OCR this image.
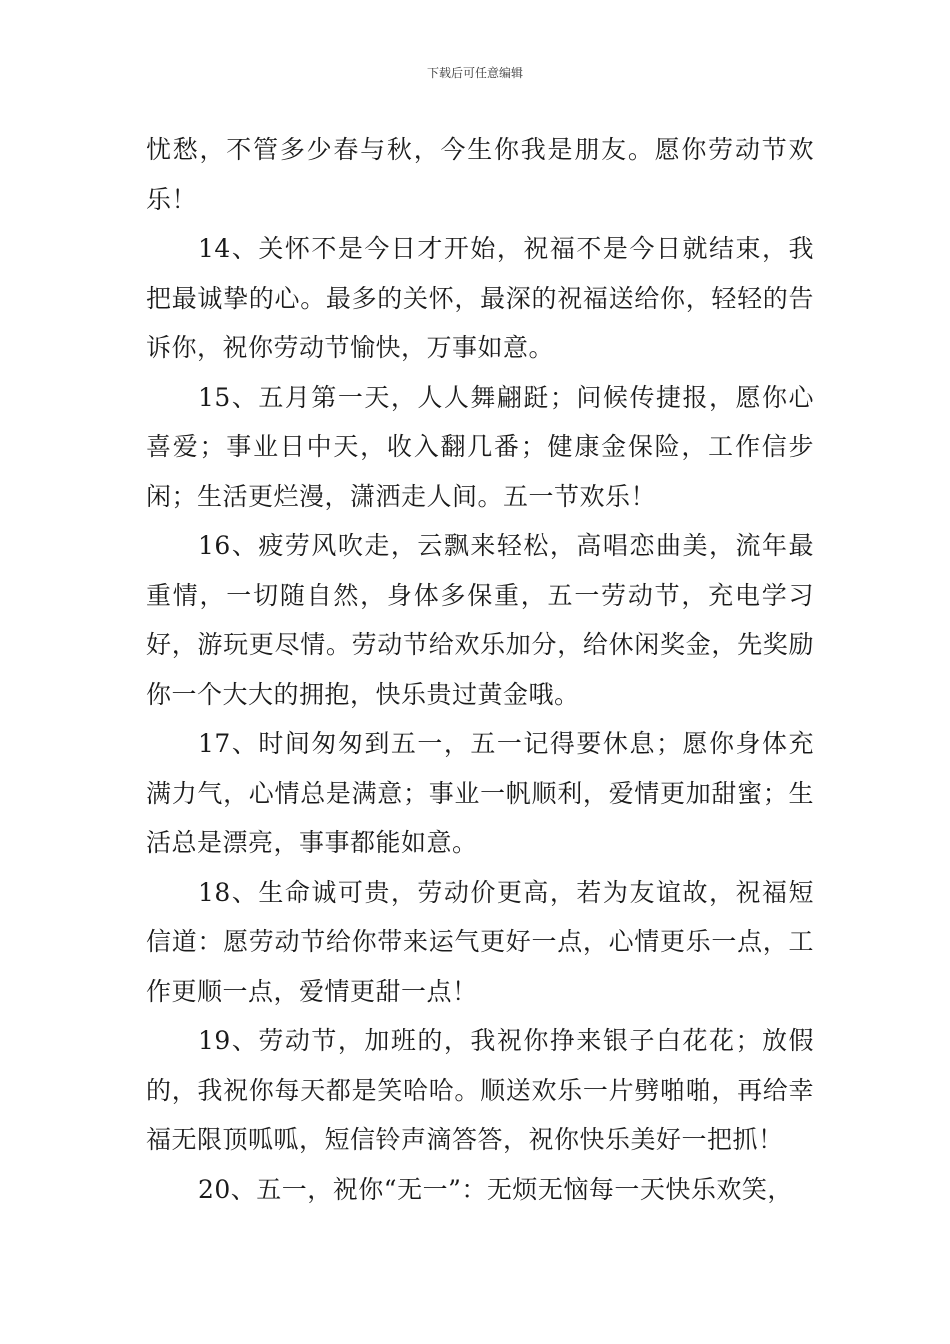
下载后可任意编辑

忧愁，不管多少春与秋，今生你我是朋友。愿你劳动节欢乐！

14、关怀不是今日才开始，祝福不是今日就结束，我把最诚挚的心。最多的关怀，最深的祝福送给你，轻轻的告诉你，祝你劳动节愉快，万事如意。

15、五月第一天，人人舞翩跹；问候传捷报，愿你心喜爱；事业日中天，收入翻几番；健康金保险，工作信步闲；生活更烂漫，潇洒走人间。五一节欢乐！

16、疲劳风吹走，云飘来轻松，高唱恋曲美，流年最重情，一切随自然，身体多保重，五一劳动节，充电学习好，游玩更尽情。劳动节给欢乐加分，给休闲奖金，先奖励你一个大大的拥抱，快乐贵过黄金哦。

17、时间匆匆到五一，五一记得要休息；愿你身体充满力气，心情总是满意；事业一帆顺利，爱情更加甜蜜；生活总是漂亮，事事都能如意。

18、生命诚可贵，劳动价更高，若为友谊故，祝福短信道：愿劳动节给你带来运气更好一点，心情更乐一点，工作更顺一点，爱情更甜一点！

19、劳动节，加班的，我祝你挣来银子白花花；放假的，我祝你每天都是笑哈哈。顺送欢乐一片劈啪啪，再给幸福无限顶呱呱，短信铃声滴答答，祝你快乐美好一把抓！

20、五一，祝你“无一”：无烦无恼每一天快乐欢笑，
